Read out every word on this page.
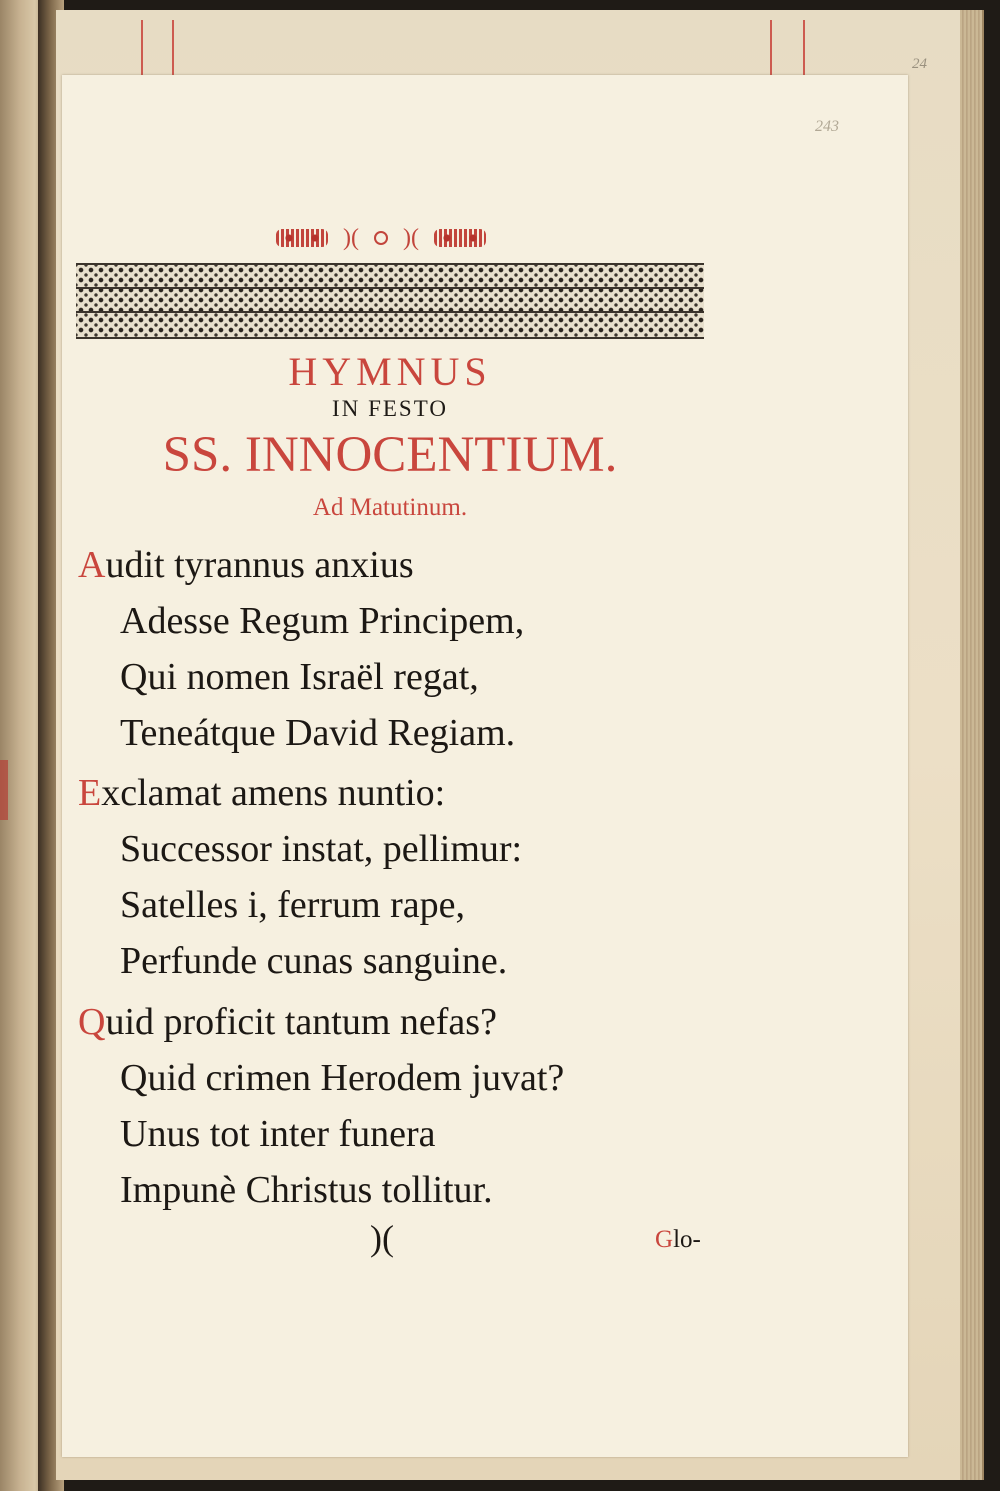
24
243
)( )(
HYMNUS
IN FESTO
SS. INNOCENTIUM.
Ad Matutinum.
Audit tyrannus anxius
Adesse Regum Principem,
Qui nomen Israël regat,
Teneátque David Regiam.
Exclamat amens nuntio:
Successor instat, pellimur:
Satelles i, ferrum rape,
Perfunde cunas sanguine.
Quid proficit tantum nefas?
Quid crimen Herodem juvat?
Unus tot inter funera
Impunè Christus tollitur.
)(	Glo-
